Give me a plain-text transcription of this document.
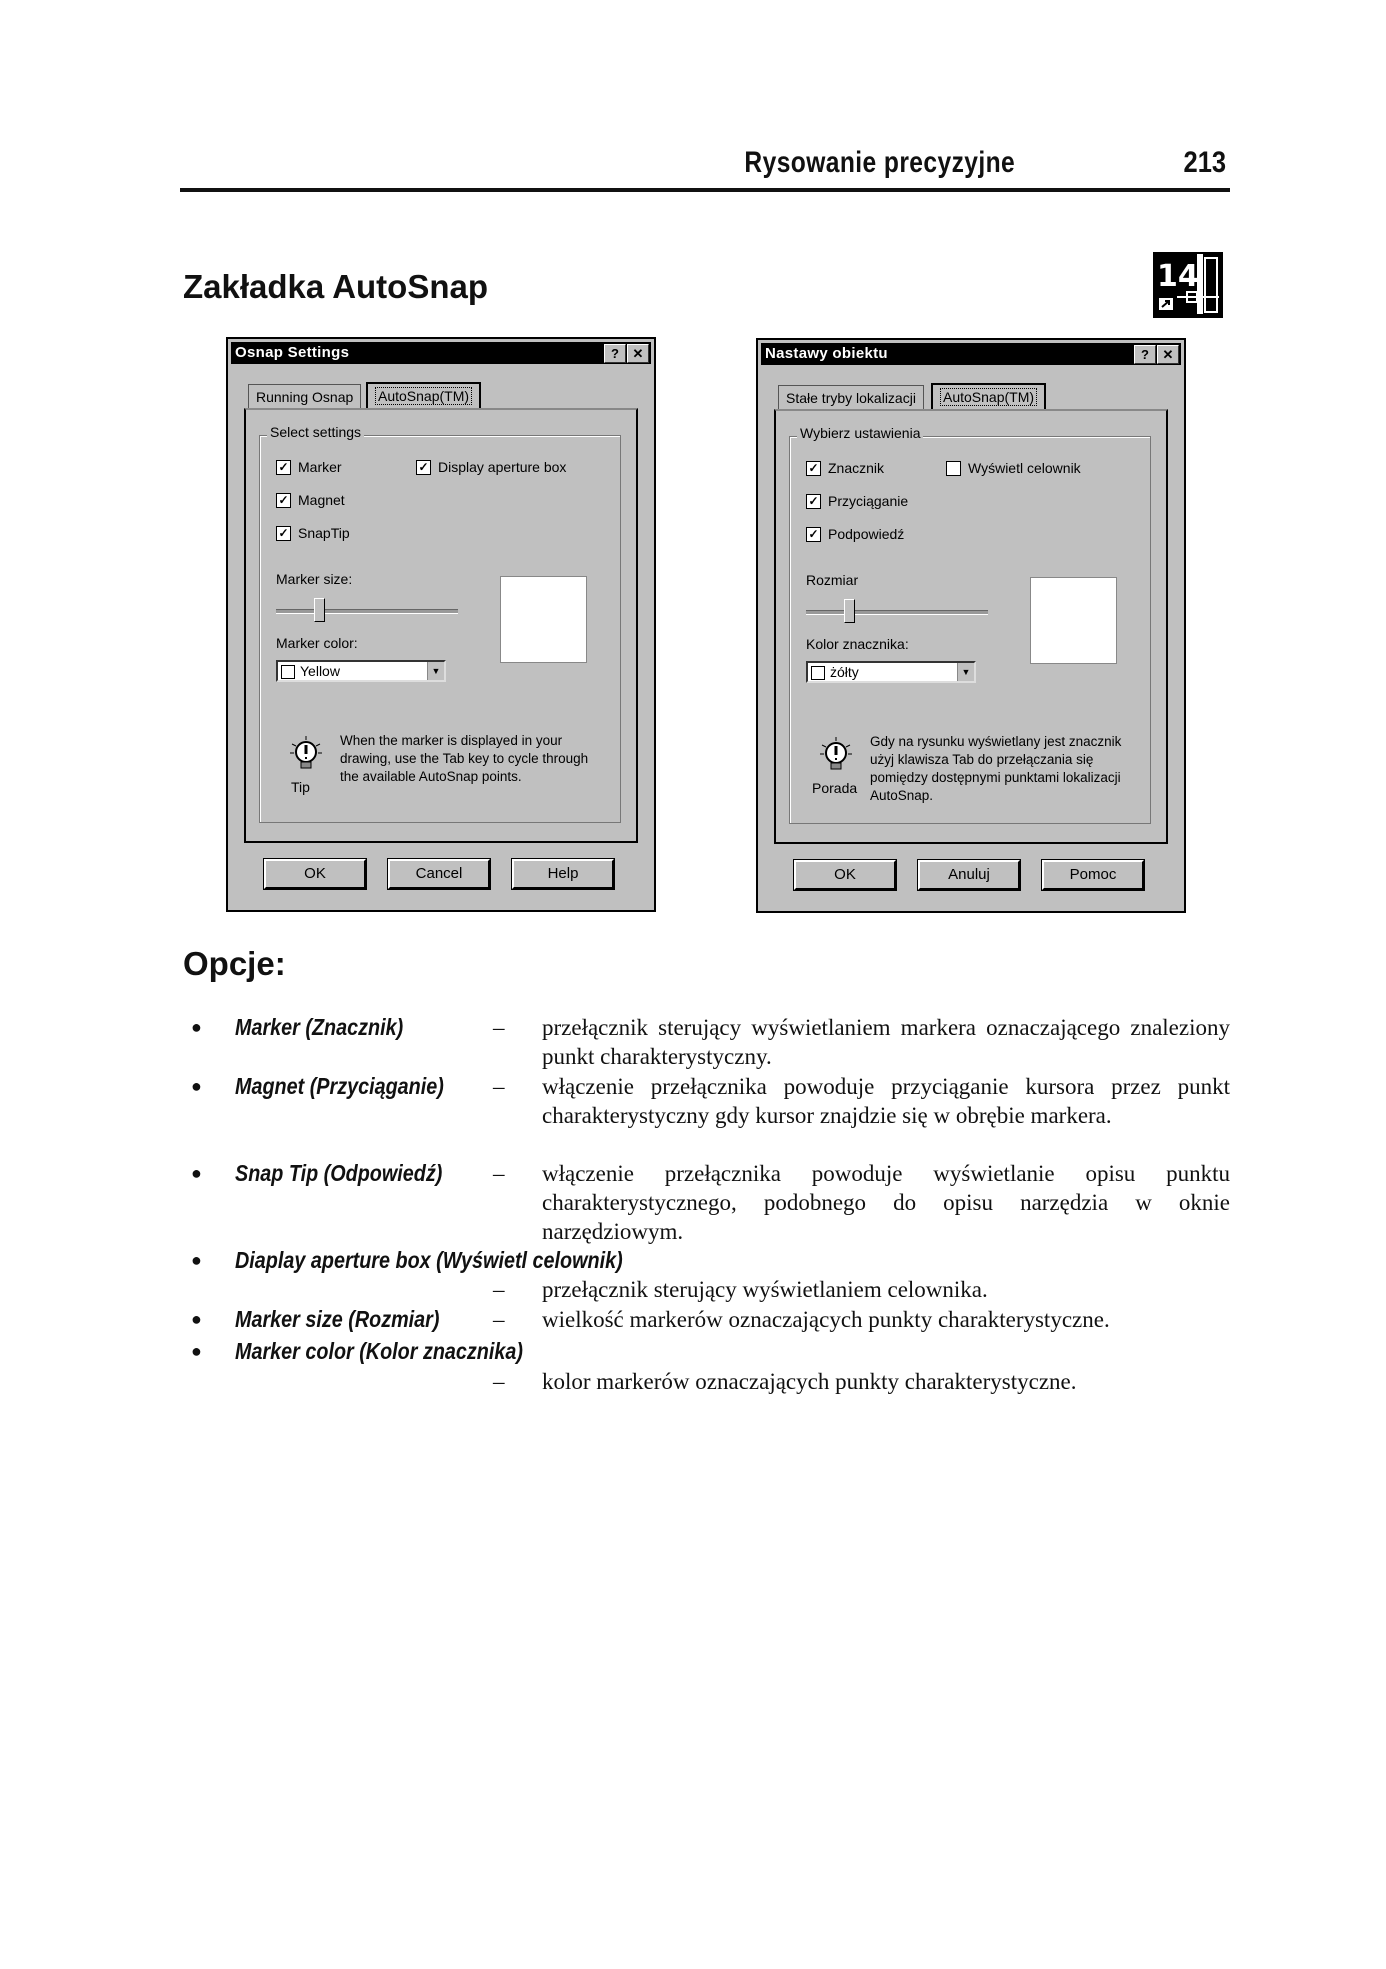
Rysowanie precyzyjne	213
Zakładka AutoSnap	14
Osnap Settings	?	✕
Running Osnap	AutoSnap(TM)
Select settings
✓ Marker
✓ Magnet
✓ SnapTip
✓ Display aperture box
Marker size:
Marker color:
Yellow	▼
Tip
When the marker is displayed in your drawing, use the Tab key to cycle through the available AutoSnap points.
OK	Cancel	Help
Nastawy obiektu	?	✕
Stałe tryby lokalizacji	AutoSnap(TM)
Wybierz ustawienia
✓ Znacznik
✓ Przyciąganie
✓ Podpowiedź
Wyświetl celownik
Rozmiar
Kolor znacznika:
żółty	▼
Porada
Gdy na rysunku wyświetlany jest znacznik użyj klawisza Tab do przełączania się pomiędzy dostępnymi punktami lokalizacji AutoSnap.
OK	Anuluj	Pomoc
Opcje:
● Marker (Znacznik)	– przełącznik sterujący wyświetlaniem markera oznaczającego znaleziony punkt charakterystyczny.
● Magnet (Przyciąganie) – włączenie przełącznika powoduje przyciąganie kursora przez punkt charakterystyczny gdy kursor znajdzie się w obrębie markera.
● Snap Tip (Odpowiedź) – włączenie przełącznika powoduje wyświetlanie opisu punktu charakterystycznego, podobnego do opisu narzędzia w oknie narzędziowym.
● Diaplay aperture box (Wyświetl celownik)
– przełącznik sterujący wyświetlaniem celownika.
● Marker size (Rozmiar) – wielkość markerów oznaczających punkty charakterystyczne.
● Marker color (Kolor znacznika)
– kolor markerów oznaczających punkty charakterystyczne.
